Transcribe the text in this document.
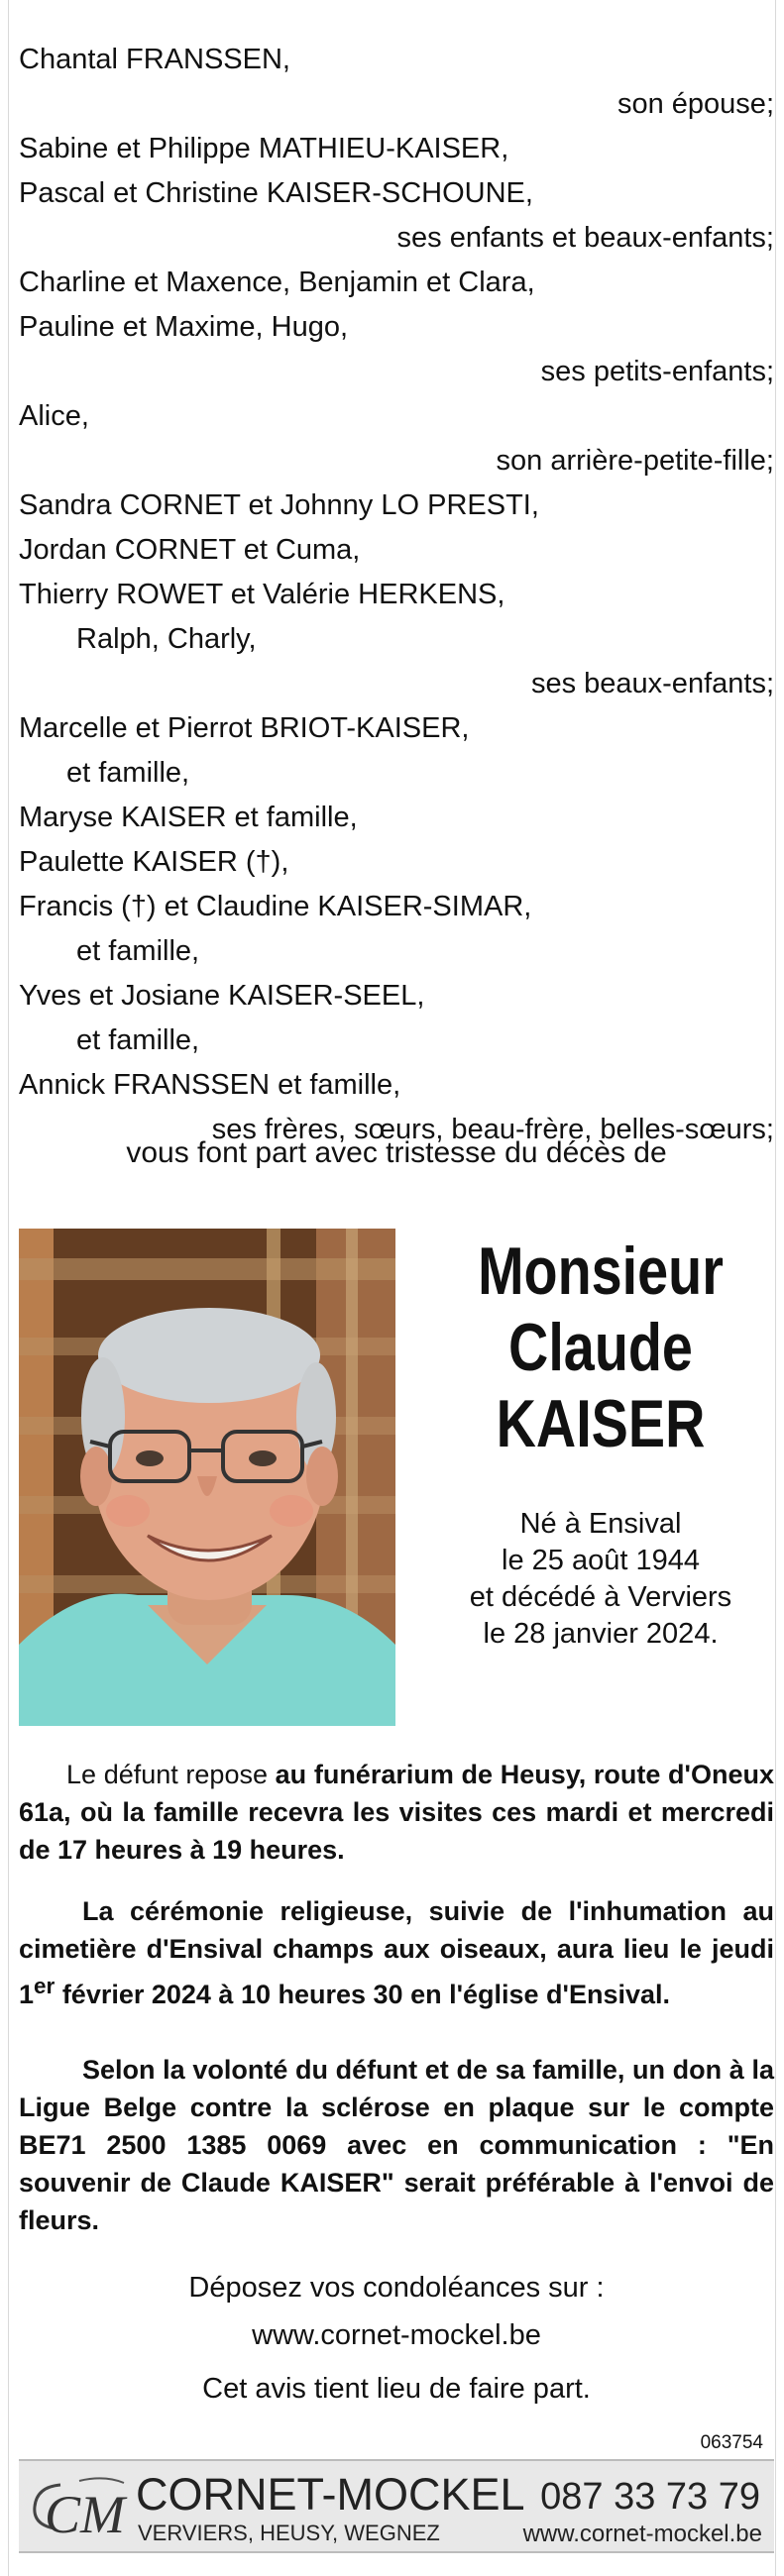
Chantal FRANSSEN,
son épouse;
Sabine et Philippe MATHIEU-KAISER,
Pascal et Christine KAISER-SCHOUNE,
ses enfants et beaux-enfants;
Charline et Maxence, Benjamin et Clara,
Pauline et Maxime, Hugo,
ses petits-enfants;
Alice,
son arrière-petite-fille;
Sandra CORNET et Johnny LO PRESTI,
Jordan CORNET et Cuma,
Thierry ROWET et Valérie HERKENS,
Ralph, Charly,
ses beaux-enfants;
Marcelle et Pierrot BRIOT-KAISER,
et famille,
Maryse KAISER et famille,
Paulette KAISER (†),
Francis (†) et Claudine KAISER-SIMAR,
et famille,
Yves et Josiane KAISER-SEEL,
et famille,
Annick FRANSSEN et famille,
ses frères, sœurs, beau-frère, belles-sœurs;
vous font part avec tristesse du décès de
Monsieur
Claude
KAISER
Né à Ensival
le 25 août 1944
et décédé à Verviers
le 28 janvier 2024.
Le défunt repose au funérarium de Heusy, route d'Oneux 61a, où la famille recevra les visites ces mardi et mercredi de 17 heures à 19 heures.
La cérémonie religieuse, suivie de l'inhumation au cimetière d'Ensival champs aux oiseaux, aura lieu le jeudi 1er février 2024 à 10 heures 30 en l'église d'Ensival.
Selon la volonté du défunt et de sa famille, un don à la Ligue Belge contre la sclérose en plaque sur le compte BE71 2500 1385 0069 avec en communication : "En souvenir de Claude KAISER" serait préférable à l'envoi de fleurs.
Déposez vos condoléances sur :
www.cornet-mockel.be
Cet avis tient lieu de faire part.
063754
CM CORNET-MOCKEL
VERVIERS, HEUSY, WEGNEZ
087 33 73 79
www.cornet-mockel.be
